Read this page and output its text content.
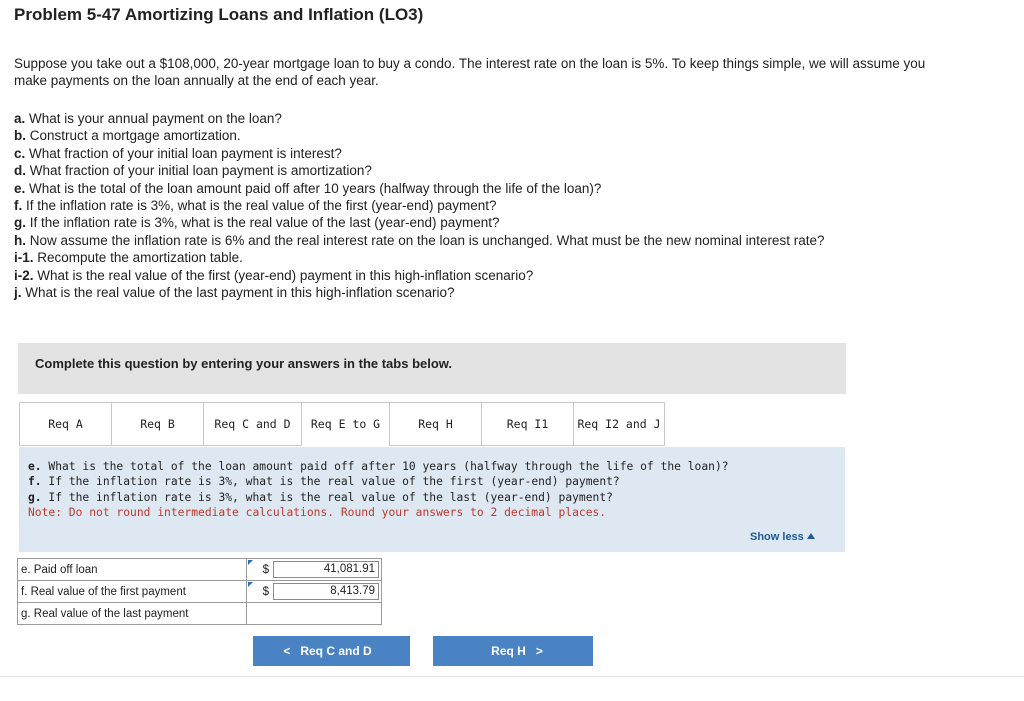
Problem 5-47 Amortizing Loans and Inflation (LO3)
Suppose you take out a $108,000, 20-year mortgage loan to buy a condo. The interest rate on the loan is 5%. To keep things simple, we will assume you make payments on the loan annually at the end of each year.
a. What is your annual payment on the loan?
b. Construct a mortgage amortization.
c. What fraction of your initial loan payment is interest?
d. What fraction of your initial loan payment is amortization?
e. What is the total of the loan amount paid off after 10 years (halfway through the life of the loan)?
f. If the inflation rate is 3%, what is the real value of the first (year-end) payment?
g. If the inflation rate is 3%, what is the real value of the last (year-end) payment?
h. Now assume the inflation rate is 6% and the real interest rate on the loan is unchanged. What must be the new nominal interest rate?
i-1. Recompute the amortization table.
i-2. What is the real value of the first (year-end) payment in this high-inflation scenario?
j. What is the real value of the last payment in this high-inflation scenario?
Complete this question by entering your answers in the tabs below.
Req A	Req B	Req C and D	Req E to G	Req H	Req I1	Req I2 and J
e. What is the total of the loan amount paid off after 10 years (halfway through the life of the loan)?
f. If the inflation rate is 3%, what is the real value of the first (year-end) payment?
g. If the inflation rate is 3%, what is the real value of the last (year-end) payment?
Note: Do not round intermediate calculations. Round your answers to 2 decimal places.
Show less
e. Paid off loan	$	41,081.91
f. Real value of the first payment	$	8,413.79
g. Real value of the last payment		
< Req C and D	Req H >
